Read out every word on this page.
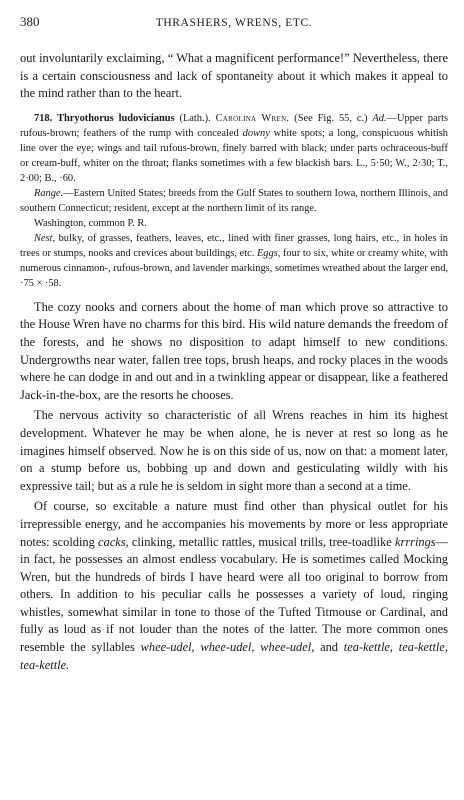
380	THRASHERS, WRENS, ETC.

out involuntarily exclaiming, “ What a magnificent performance!” Nevertheless, there is a certain consciousness and lack of spontaneity about it which makes it appeal to the mind rather than to the heart.

718. Thryothorus ludovicianus (Lath.). Carolina Wren. (See Fig. 55, c.) Ad.—Upper parts rufous-brown; feathers of the rump with concealed downy white spots; a long, conspicuous whitish line over the eye; wings and tail rufous-brown, finely barred with black; under parts ochraceous-buff or cream-buff, whiter on the throat; flanks sometimes with a few blackish bars. L., 5·50; W., 2·30; T., 2·00; B., ·60.

Range.—Eastern United States; breeds from the Gulf States to southern Iowa, northern Illinois, and southern Connecticut; resident, except at the northern limit of its range.

Washington, common P. R.

Nest, bulky, of grasses, feathers, leaves, etc., lined with finer grasses, long hairs, etc., in holes in trees or stumps, nooks and crevices about buildings, etc. Eggs, four to six, white or creamy white, with numerous cinnamon-, rufous-brown, and lavender markings, sometimes wreathed about the larger end, ·75 × ·58.

The cozy nooks and corners about the home of man which prove so attractive to the House Wren have no charms for this bird. His wild nature demands the freedom of the forests, and he shows no disposition to adapt himself to new conditions. Undergrowths near water, fallen tree tops, brush heaps, and rocky places in the woods where he can dodge in and out and in a twinkling appear or disappear, like a feathered Jack-in-the-box, are the resorts he chooses.

The nervous activity so characteristic of all Wrens reaches in him its highest development. Whatever he may be when alone, he is never at rest so long as he imagines himself observed. Now he is on this side of us, now on that: a moment later, on a stump before us, bobbing up and down and gesticulating wildly with his expressive tail; but as a rule he is seldom in sight more than a second at a time.

Of course, so excitable a nature must find other than physical outlet for his irrepressible energy, and he accompanies his movements by more or less appropriate notes: scolding cacks, clinking, metallic rattles, musical trills, tree-toadlike krrrings—in fact, he possesses an almost endless vocabulary. He is sometimes called Mocking Wren, but the hundreds of birds I have heard were all too original to borrow from others. In addition to his peculiar calls he possesses a variety of loud, ringing whistles, somewhat similar in tone to those of the Tufted Titmouse or Cardinal, and fully as loud as if not louder than the notes of the latter. The more common ones resemble the syllables whee-udel, whee-udel, whee-udel, and tea-kettle, tea-kettle, tea-kettle.
